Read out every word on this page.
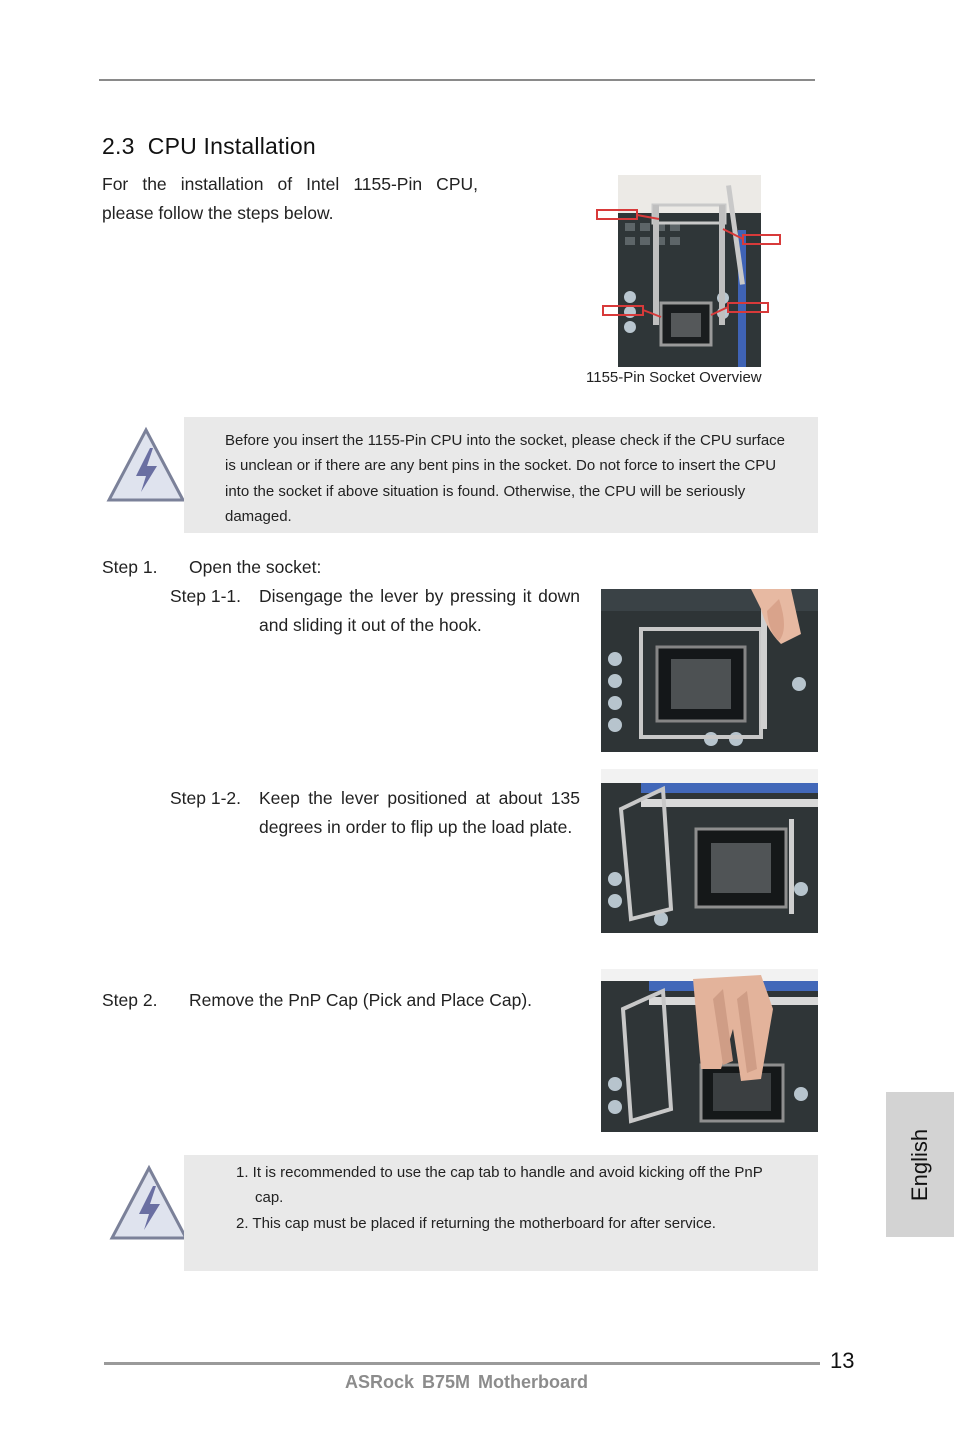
2.3 CPU Installation
For the installation of Intel 1155-Pin CPU,
please follow the steps below.
1155-Pin Socket Overview
Before you insert the 1155-Pin CPU into the socket, please check if the CPU surface is unclean or if there are any bent pins in the socket. Do not force to insert the CPU into the socket if above situation is found. Otherwise, the CPU will be seriously damaged.
Step 1. Open the socket:
Step 1-1. Disengage the lever by pressing it down and sliding it out of the hook.
Step 1-2. Keep the lever positioned at about 135 degrees in order to flip up the load plate.
Step 2. Remove the PnP Cap (Pick and Place Cap).
1. It is recommended to use the cap tab to handle and avoid kicking off the PnP cap.
2. This cap must be placed if returning the motherboard for after service.
English
13
ASRock B75M Motherboard
